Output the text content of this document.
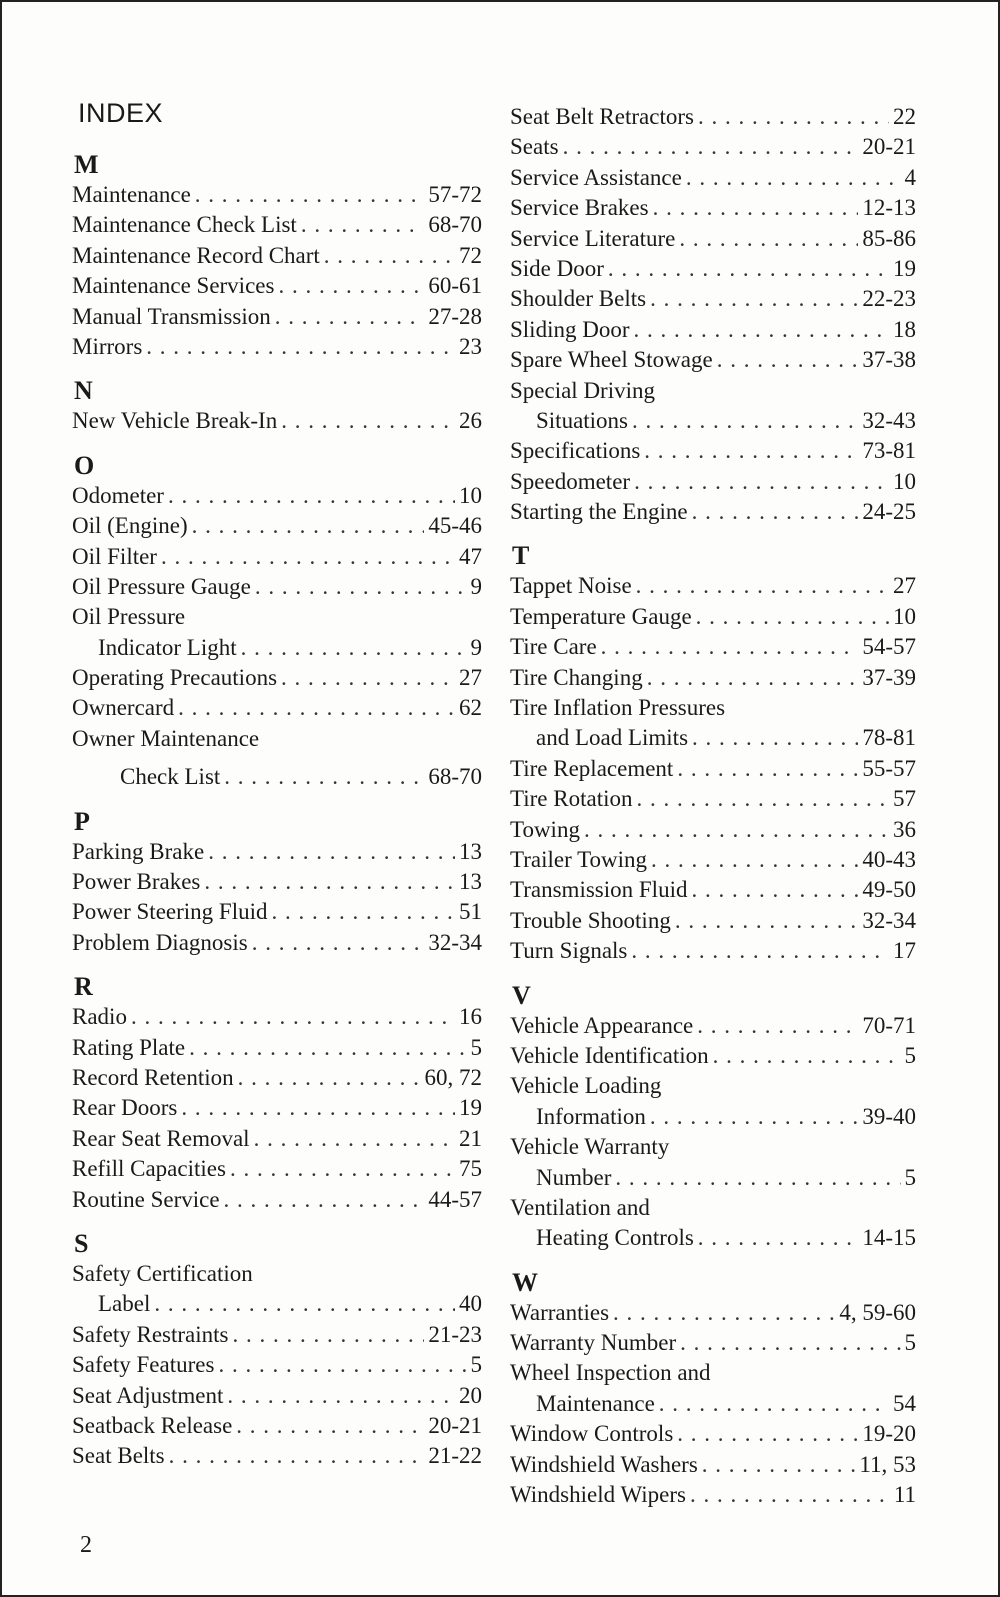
INDEX
M
Maintenance . . .	57-72
Maintenance Check List . . .	68-70
Maintenance Record Chart . . .	72
Maintenance Services . . .	60-61
Manual Transmission . . .	27-28
Mirrors . . .	23
N
New Vehicle Break-In . . .	26
O
Odometer . . .	10
Oil (Engine) . . .	45-46
Oil Filter . . .	47
Oil Pressure Gauge . . .	9
Oil Pressure
Indicator Light . . .	9
Operating Precautions . . .	27
Ownercard . . .	62
Owner Maintenance
Check List . . .	68-70
P
Parking Brake . . .	13
Power Brakes . . .	13
Power Steering Fluid . . .	51
Problem Diagnosis . . .	32-34
R
Radio . . .	16
Rating Plate . . .	5
Record Retention . . .	60, 72
Rear Doors . . .	19
Rear Seat Removal . . .	21
Refill Capacities . . .	75
Routine Service . . .	44-57
S
Safety Certification
Label . . .	40
Safety Restraints . . .	21-23
Safety Features . . .	5
Seat Adjustment . . .	20
Seatback Release . . .	20-21
Seat Belts . . .	21-22
Seat Belt Retractors . . .	22
Seats . . .	20-21
Service Assistance . . .	4
Service Brakes . . .	12-13
Service Literature . . .	85-86
Side Door . . .	19
Shoulder Belts . . .	22-23
Sliding Door . . .	18
Spare Wheel Stowage . . .	37-38
Special Driving
Situations . . .	32-43
Specifications . . .	73-81
Speedometer . . .	10
Starting the Engine . . .	24-25
T
Tappet Noise . . .	27
Temperature Gauge . . .	10
Tire Care . . .	54-57
Tire Changing . . .	37-39
Tire Inflation Pressures
and Load Limits . . .	78-81
Tire Replacement . . .	55-57
Tire Rotation . . .	57
Towing . . .	36
Trailer Towing . . .	40-43
Transmission Fluid . . .	49-50
Trouble Shooting . . .	32-34
Turn Signals . . .	17
V
Vehicle Appearance . . .	70-71
Vehicle Identification . . .	5
Vehicle Loading
Information . . .	39-40
Vehicle Warranty
Number . . .	5
Ventilation and
Heating Controls . . .	14-15
W
Warranties . . .	4, 59-60
Warranty Number . . .	5
Wheel Inspection and
Maintenance . . .	54
Window Controls . . .	19-20
Windshield Washers . . .	11, 53
Windshield Wipers . . .	11
2
